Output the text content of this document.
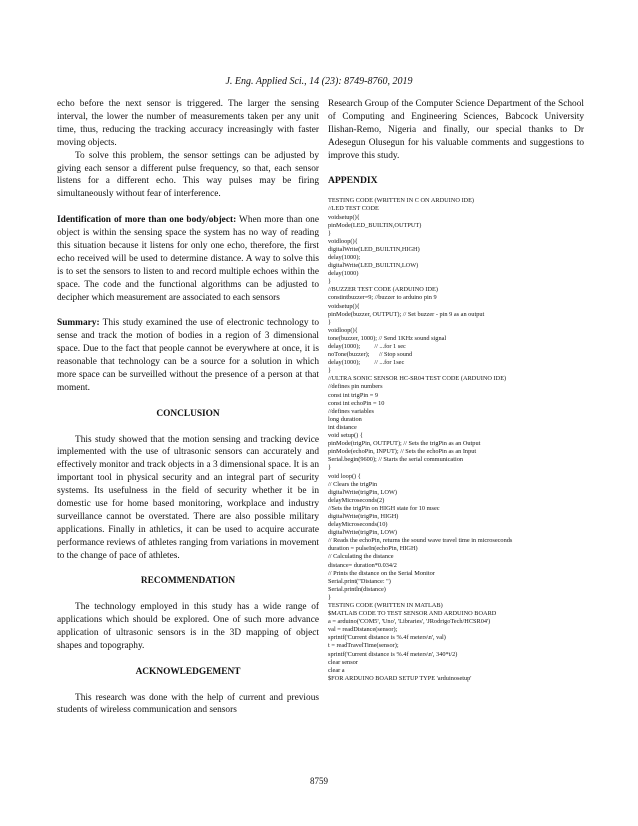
J. Eng. Applied Sci., 14 (23): 8749-8760, 2019

echo before the next sensor is triggered. The larger the sensing interval, the lower the number of measurements taken per any unit time, thus, reducing the tracking accuracy increasingly with faster moving objects.

To solve this problem, the sensor settings can be adjusted by giving each sensor a different pulse frequency, so that, each sensor listens for a different echo. This way pulses may be firing simultaneously without fear of interference.

Identification of more than one body/object: When more than one object is within the sensing space the system has no way of reading this situation because it listens for only one echo, therefore, the first echo received will be used to determine distance. A way to solve this is to set the sensors to listen to and record multiple echoes within the space. The code and the functional algorithms can be adjusted to decipher which measurement are associated to each sensors

Summary: This study examined the use of electronic technology to sense and track the motion of bodies in a region of 3 dimensional space. Due to the fact that people cannot be everywhere at once, it is reasonable that technology can be a source for a solution in which more space can be surveilled without the presence of a person at that moment.

CONCLUSION

This study showed that the motion sensing and tracking device implemented with the use of ultrasonic sensors can accurately and effectively monitor and track objects in a 3 dimensional space. It is an important tool in physical security and an integral part of security systems. Its usefulness in the field of security whether it be in domestic use for home based monitoring, workplace and industry surveillance cannot be overstated. There are also possible military applications. Finally in athletics, it can be used to acquire accurate performance reviews of athletes ranging from variations in movement to the change of pace of athletes.

RECOMMENDATION

The technology employed in this study has a wide range of applications which should be explored. One of such more advance application of ultrasonic sensors is in the 3D mapping of object shapes and topography.

ACKNOWLEDGEMENT

This research was done with the help of current and previous students of wireless communication and sensors

Research Group of the Computer Science Department of the School of Computing and Engineering Sciences, Babcock University Ilishan-Remo, Nigeria and finally, our special thanks to Dr Adesegun Olusegun for his valuable comments and suggestions to improve this study.

APPENDIX

TESTING CODE (WRITTEN IN C ON ARDUINO IDE)
//LED TEST CODE
voidsetup(){
pinMode(LED_BUILTIN,OUTPUT)
}
voidloop(){
digitalWrite(LED_BUILTIN,HIGH)
delay(1000);
digitalWrite(LED_BUILTIN,LOW)
delay(1000)
}
//BUZZER TEST CODE (ARDUINO IDE)
constintbuzzer=9; //buzzer to arduino pin 9
voidsetup(){
pinMode(buzzer, OUTPUT); // Set buzzer - pin 9 as an output
}
voidloop(){
tone(buzzer, 1000); // Send 1KHz sound signal
delay(1000);         // ...for 1 sec
noTone(buzzer);      // Stop sound
delay(1000);         // ...for 1sec
}
//ULTRA SONIC SENSOR HC-SR04 TEST CODE (ARDUINO IDE)
//defines pin numbers
const int trigPin = 9
const int echoPin = 10
//defines variables
long duration
int distance
void setup() {
pinMode(trigPin, OUTPUT); // Sets the trigPin as an Output
pinMode(echoPin, INPUT); // Sets the echoPin as an Input
Serial.begin(9600); // Starts the serial communication
}
void loop() {
// Clears the trigPin
digitalWrite(trigPin, LOW)
delayMicroseconds(2)
//Sets the trigPin on HIGH state for 10 msec
digitalWrite(trigPin, HIGH)
delayMicroseconds(10)
digitalWrite(trigPin, LOW)
// Reads the echoPin, returns the sound wave travel time in microseconds
duration = pulseIn(echoPin, HIGH)
// Calculating the distance
distance= duration*0.034/2
// Prints the distance on the Serial Monitor
Serial.print("Distance: ")
Serial.println(distance)
}
TESTING CODE (WRITTEN IN MATLAB)
$MATLAB CODE TO TEST SENSOR AND ARDUINO BOARD
a = arduino('COM5', 'Uno', 'Libraries', 'JRodrigoTech/HCSR04')
val = readDistance(sensor);
sprintf('Current distance is %.4f meters\n', val)
t = readTravelTime(sensor);
sprintf('Current distance is %.4f meters\n', 340*t/2)
clear sensor
clear a
$FOR ARDUINO BOARD SETUP TYPE 'arduinosetup'
8759
